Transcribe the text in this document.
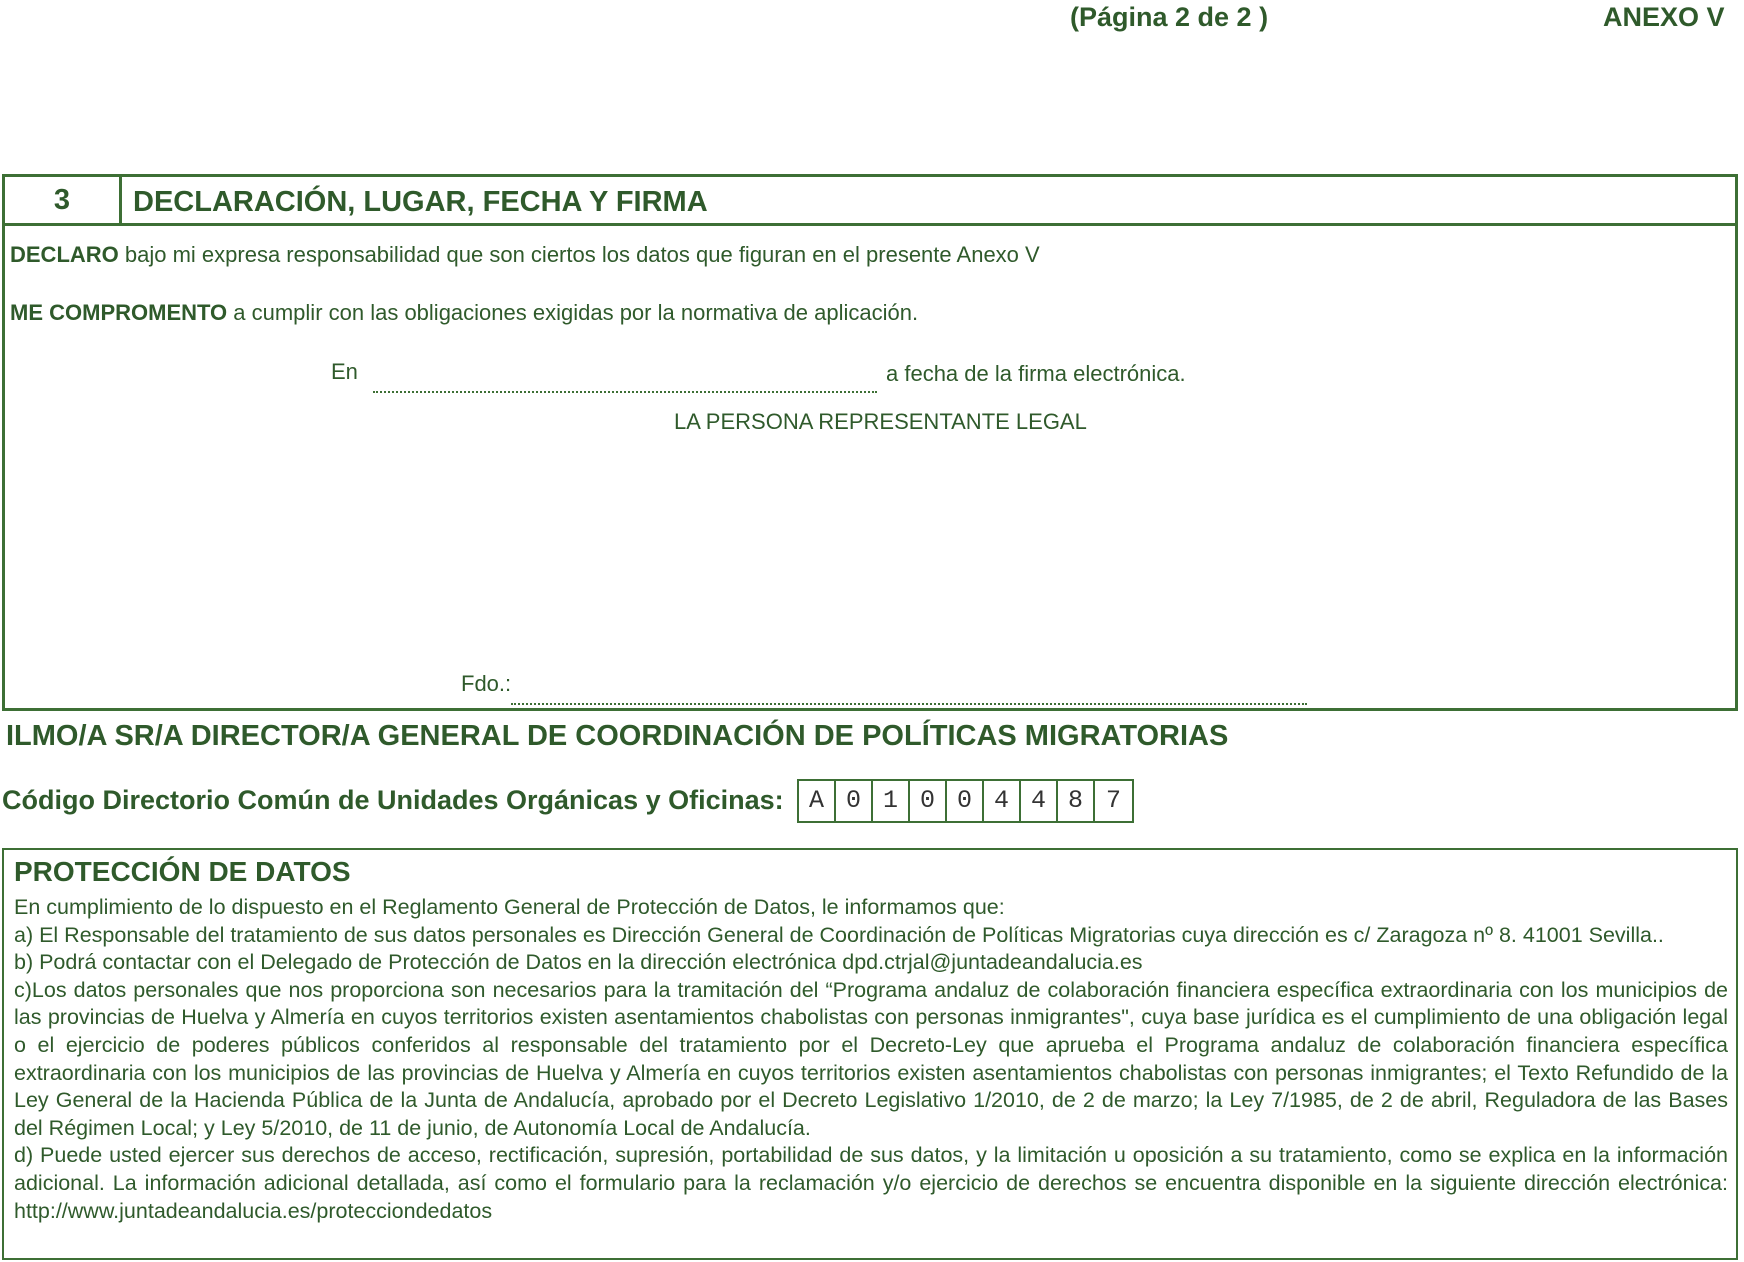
(Página 2 de 2 )	ANEXO V
3	DECLARACIÓN, LUGAR, FECHA Y FIRMA
DECLARO bajo mi expresa responsabilidad que son ciertos los datos que figuran en el presente Anexo V
ME COMPROMENTO a cumplir con las obligaciones exigidas por la normativa de aplicación.
En	a fecha de la firma electrónica.
LA PERSONA REPRESENTANTE LEGAL
Fdo.:
ILMO/A SR/A DIRECTOR/A GENERAL DE COORDINACIÓN DE POLÍTICAS MIGRATORIAS
Código Directorio Común de Unidades Orgánicas y Oficinas:	A 0 1 0 0 4 4 8 7
PROTECCIÓN DE DATOS

En cumplimiento de lo dispuesto en el Reglamento General de Protección de Datos, le informamos que:

a) El Responsable del tratamiento de sus datos personales es Dirección General de Coordinación de Políticas Migratorias cuya dirección es c/ Zaragoza nº 8. 41001 Sevilla..

b) Podrá contactar con el Delegado de Protección de Datos en la dirección electrónica dpd.ctrjal@juntadeandalucia.es

c)Los datos personales que nos proporciona son necesarios para la tramitación del “Programa andaluz de colaboración financiera específica extraordinaria con los municipios de las provincias de Huelva y Almería en cuyos territorios existen asentamientos chabolistas con personas inmigrantes", cuya base jurídica es el cumplimiento de una obligación legal o el ejercicio de poderes públicos conferidos al responsable del tratamiento por el Decreto-Ley que aprueba el Programa andaluz de colaboración financiera específica extraordinaria con los municipios de las provincias de Huelva y Almería en cuyos territorios existen asentamientos chabolistas con personas inmigrantes; el Texto Refundido de la Ley General de la Hacienda Pública de la Junta de Andalucía, aprobado por el Decreto Legislativo 1/2010, de 2 de marzo; la Ley 7/1985, de 2 de abril, Reguladora de las Bases del Régimen Local; y Ley 5/2010, de 11 de junio, de Autonomía Local de Andalucía.

d) Puede usted ejercer sus derechos de acceso, rectificación, supresión, portabilidad de sus datos, y la limitación u oposición a su tratamiento, como se explica en la información adicional. La información adicional detallada, así como el formulario para la reclamación y/o ejercicio de derechos se encuentra disponible en la siguiente dirección electrónica: http://www.juntadeandalucia.es/protecciondedatos
